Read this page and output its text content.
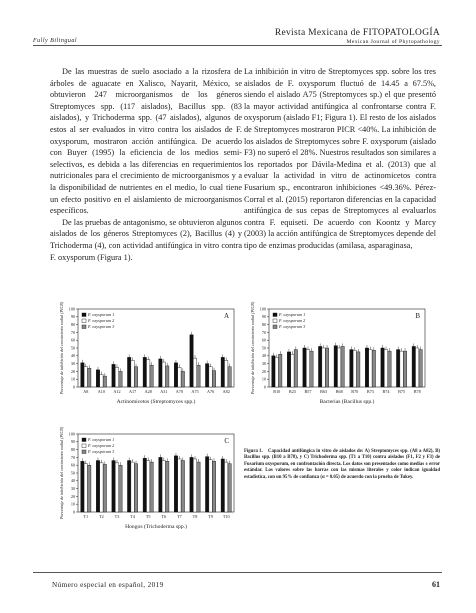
Fully Bilingual
Revista Mexicana de FITOPATOLOGÍA
Mexican Journal of Phytopathology

De las muestras de suelo asociado a la rizosfera de árboles de aguacate en Xalisco, Nayarit, México, se obtuvieron 247 microorganismos de los géneros Streptomyces spp. (117 aislados), Bacillus spp. (83 aislados), y Trichoderma spp. (47 aislados), algunos de estos al ser evaluados in vitro contra los aislados de F. oxysporum, mostraron acción antifúngica. De acuerdo con Buyer (1995) la eficiencia de los medios semi-selectivos, es debida a las diferencias en requerimientos nutricionales para el crecimiento de microorganismos y a la disponibilidad de nutrientes en el medio, lo cual tiene un efecto positivo en el aislamiento de microorganismos específicos.

De las pruebas de antagonismo, se obtuvieron algunos aislados de los géneros Streptomyces (2), Bacillus (4) y Trichoderma (4), con actividad antifúngica in vitro contra F. oxysporum (Figura 1).

La inhibición in vitro de Streptomyces spp. sobre los tres aislados de F. oxysporum fluctuó de 14.45 a 67.5%, siendo el aislado A75 (Streptomyces sp.) el que presentó la mayor actividad antifúngica al confrontarse contra F. oxysporum (aislado F1; Figura 1). El resto de los aislados de Streptomyces mostraron PICR <40%. La inhibición de los aislados de Streptomyces sobre F. oxysporum (aislado F3) no superó el 28%. Nuestros resultados son similares a los reportados por Dávila-Medina et al. (2013) que al evaluar la actividad in vitro de actinomicetos contra Fusarium sp., encontraron inhibiciones <49.36%. Pérez-Corral et al. (2015) reportaron diferencias en la capacidad antifúngica de sus cepas de Streptomyces al evaluarlos contra F. equiseti. De acuerdo con Koontz y Marcy (2003) la acción antifúngica de Streptomyces depende del tipo de enzimas producidas (amilasa, asparaginasa,

0
10
20
30
40
50
60
70
80
90
100
Porcentaje de inhibición del crecimiento radial (PICR)	A8 A10 A12 A17 A28 A31 A70 A75 A76 A82
Actinomicetos (Streptomyces spp.)
F. oxysporum 1
F. oxysporum 2
F. oxysporum 3
A
0
10
20
30
40
50
60
70
80
90
100
Porcentaje de inhibición del crecimiento radial (PICR)	B10 B23 B57 B63 B68 B70 B73 B74 B75 B78
Bacterias (Bacillus spp.)
F. oxysporum 1
F. oxysporum 2
F. oxysporum 3
B
0
10
20
30
40
50
60
70
80
90
100
Porcentaje de inhibición del crecimiento radial (PICR)	T1	T2	T3	T4	T5	T6	T7	T8	T9 T10
Hongos (Trichoderma spp.)
F. oxysporum 1
F. oxysporum 2
F. oxysporum 3
C
Figura 1. Capacidad antifúngica in vitro de aislados de: A) Streptomyces spp. (A8 a A82), B) Bacillus spp. (B10 a B78), y C) Trichoderma spp. (T1 a T10) contra aislados (F1, F2 y F3) de Fusarium oxysporum, en confrontación directa. Los datos son presentados como medias ± error estándar. Los valores sobre las barras con las mismas literales y color indican igualdad estadística, con un 95% de confianza (α = 0.05) de acuerdo con la prueba de Tukey.
Número especial en español, 2019	61
